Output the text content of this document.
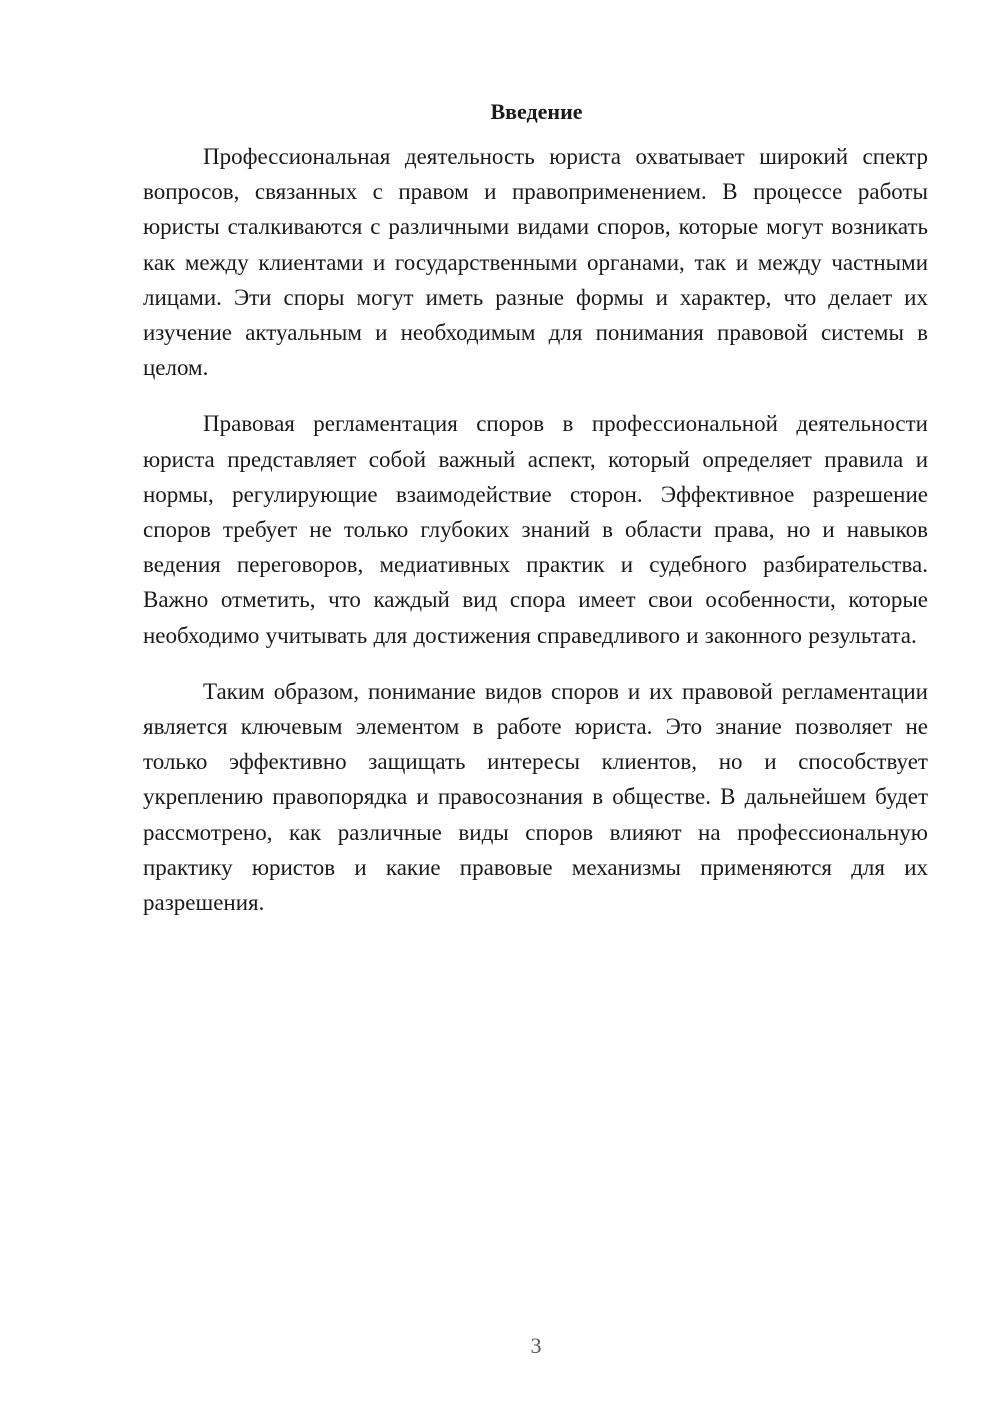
Введение

Профессиональная деятельность юриста охватывает широкий спектр вопросов, связанных с правом и правоприменением. В процессе работы юристы сталкиваются с различными видами споров, которые могут возникать как между клиентами и государственными органами, так и между частными лицами. Эти споры могут иметь разные формы и характер, что делает их изучение актуальным и необходимым для понимания правовой системы в целом.

Правовая регламентация споров в профессиональной деятельности юриста представляет собой важный аспект, который определяет правила и нормы, регулирующие взаимодействие сторон. Эффективное разрешение споров требует не только глубоких знаний в области права, но и навыков ведения переговоров, медиативных практик и судебного разбирательства. Важно отметить, что каждый вид спора имеет свои особенности, которые необходимо учитывать для достижения справедливого и законного результата.

Таким образом, понимание видов споров и их правовой регламентации является ключевым элементом в работе юриста. Это знание позволяет не только эффективно защищать интересы клиентов, но и способствует укреплению правопорядка и правосознания в обществе. В дальнейшем будет рассмотрено, как различные виды споров влияют на профессиональную практику юристов и какие правовые механизмы применяются для их разрешения.

3
